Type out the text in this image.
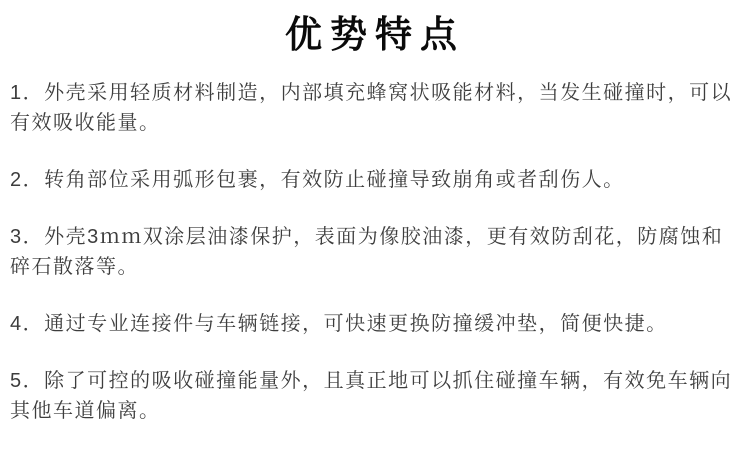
优势特点

1．外壳采用轻质材料制造，内部填充蜂窝状吸能材料，当发生碰撞时，可以有效吸收能量。

2．转角部位采用弧形包裹，有效防止碰撞导致崩角或者刮伤人。

3．外壳3ｍｍ双涂层油漆保护，表面为像胶油漆，更有效防刮花，防腐蚀和碎石散落等。

4．通过专业连接件与车辆链接，可快速更换防撞缓冲垫，简便快捷。

5．除了可控的吸收碰撞能量外，且真正地可以抓住碰撞车辆，有效免车辆向其他车道偏离。
